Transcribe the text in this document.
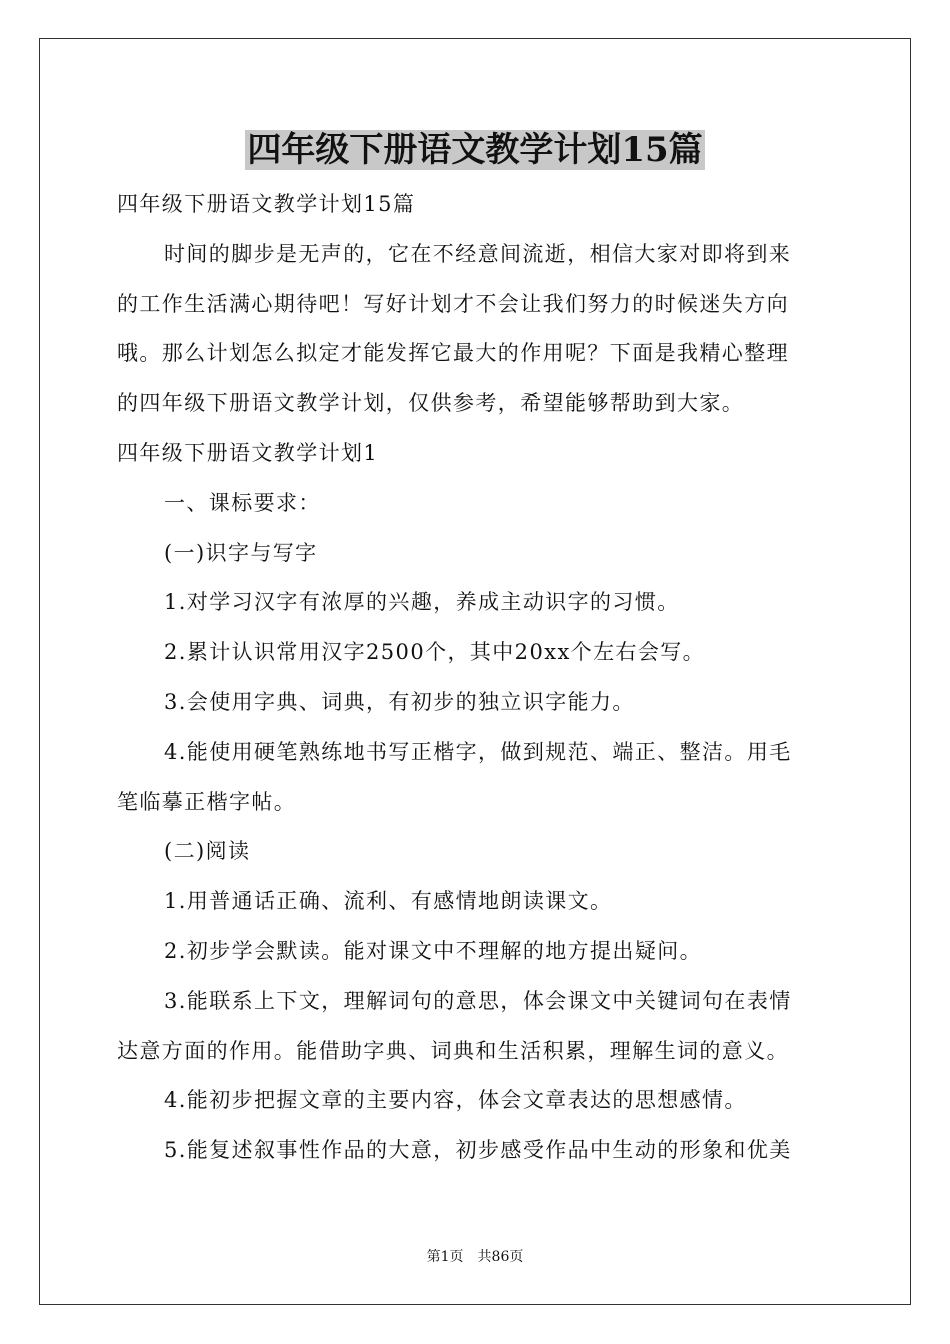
四年级下册语文教学计划15篇

四年级下册语文教学计划15篇

时间的脚步是无声的，它在不经意间流逝，相信大家对即将到来

的工作生活满心期待吧！写好计划才不会让我们努力的时候迷失方向

哦。那么计划怎么拟定才能发挥它最大的作用呢？下面是我精心整理

的四年级下册语文教学计划，仅供参考，希望能够帮助到大家。

四年级下册语文教学计划1

一、课标要求：

(一)识字与写字

1.对学习汉字有浓厚的兴趣，养成主动识字的习惯。

2.累计认识常用汉字2500个，其中20xx个左右会写。

3.会使用字典、词典，有初步的独立识字能力。

4.能使用硬笔熟练地书写正楷字，做到规范、端正、整洁。用毛

笔临摹正楷字帖。

(二)阅读

1.用普通话正确、流利、有感情地朗读课文。

2.初步学会默读。能对课文中不理解的地方提出疑问。

3.能联系上下文，理解词句的意思，体会课文中关键词句在表情

达意方面的作用。能借助字典、词典和生活积累，理解生词的意义。

4.能初步把握文章的主要内容，体会文章表达的思想感情。

5.能复述叙事性作品的大意，初步感受作品中生动的形象和优美

第1页 共86页
